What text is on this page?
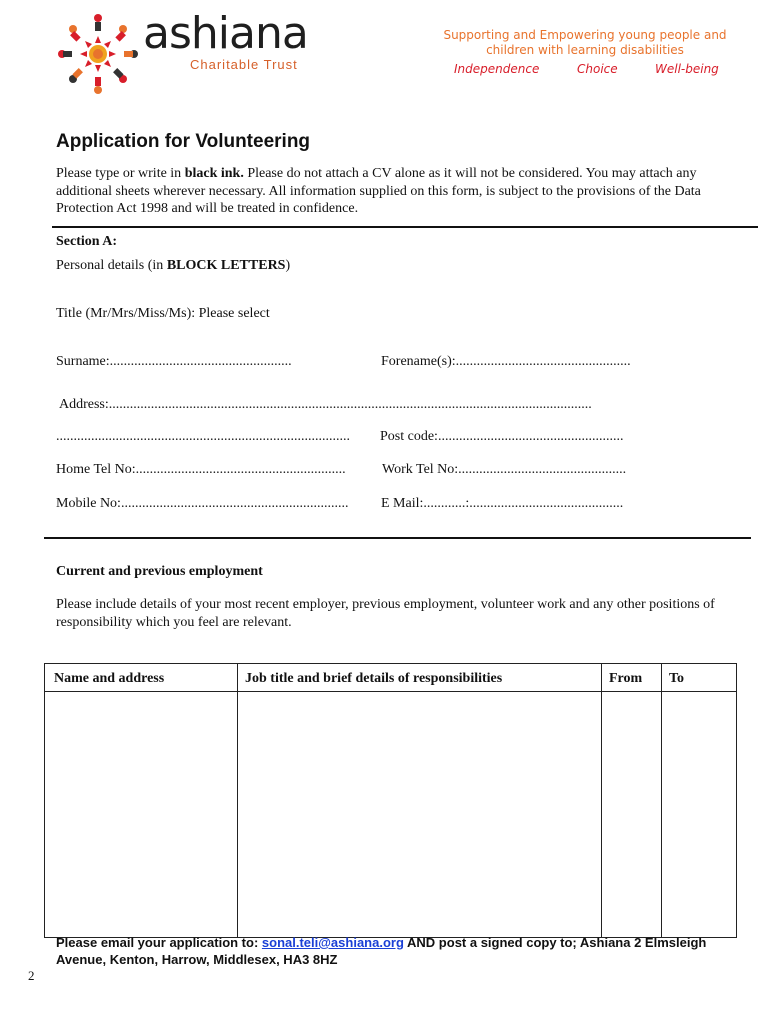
ashiana
Charitable Trust
Supporting and Empowering young people and children with learning disabilities
Independence	Choice	Well-being
Application for Volunteering
Please type or write in black ink. Please do not attach a CV alone as it will not be considered. You may attach any additional sheets wherever necessary. All information supplied on this form, is subject to the provisions of the Data Protection Act 1998 and will be treated in confidence.
Section A:
Personal details (in BLOCK LETTERS)
Title (Mr/Mrs/Miss/Ms): Please select
Surname:....................................................	Forename(s):..................................................
Address:..........................................................................................................................................
.................................................................................... Post code:.....................................................
Home Tel No:............................................................	Work Tel No:................................................
Mobile No:................................................................. E Mail:............:............................................
Current and previous employment
Please include details of your most recent employer, previous employment, volunteer work and any other positions of responsibility which you feel are relevant.
Name and address	Job title and brief details of responsibilities	From To
Please email your application to: sonal.teli@ashiana.org AND post a signed copy to; Ashiana 2 Elmsleigh Avenue, Kenton, Harrow, Middlesex, HA3 8HZ
2
